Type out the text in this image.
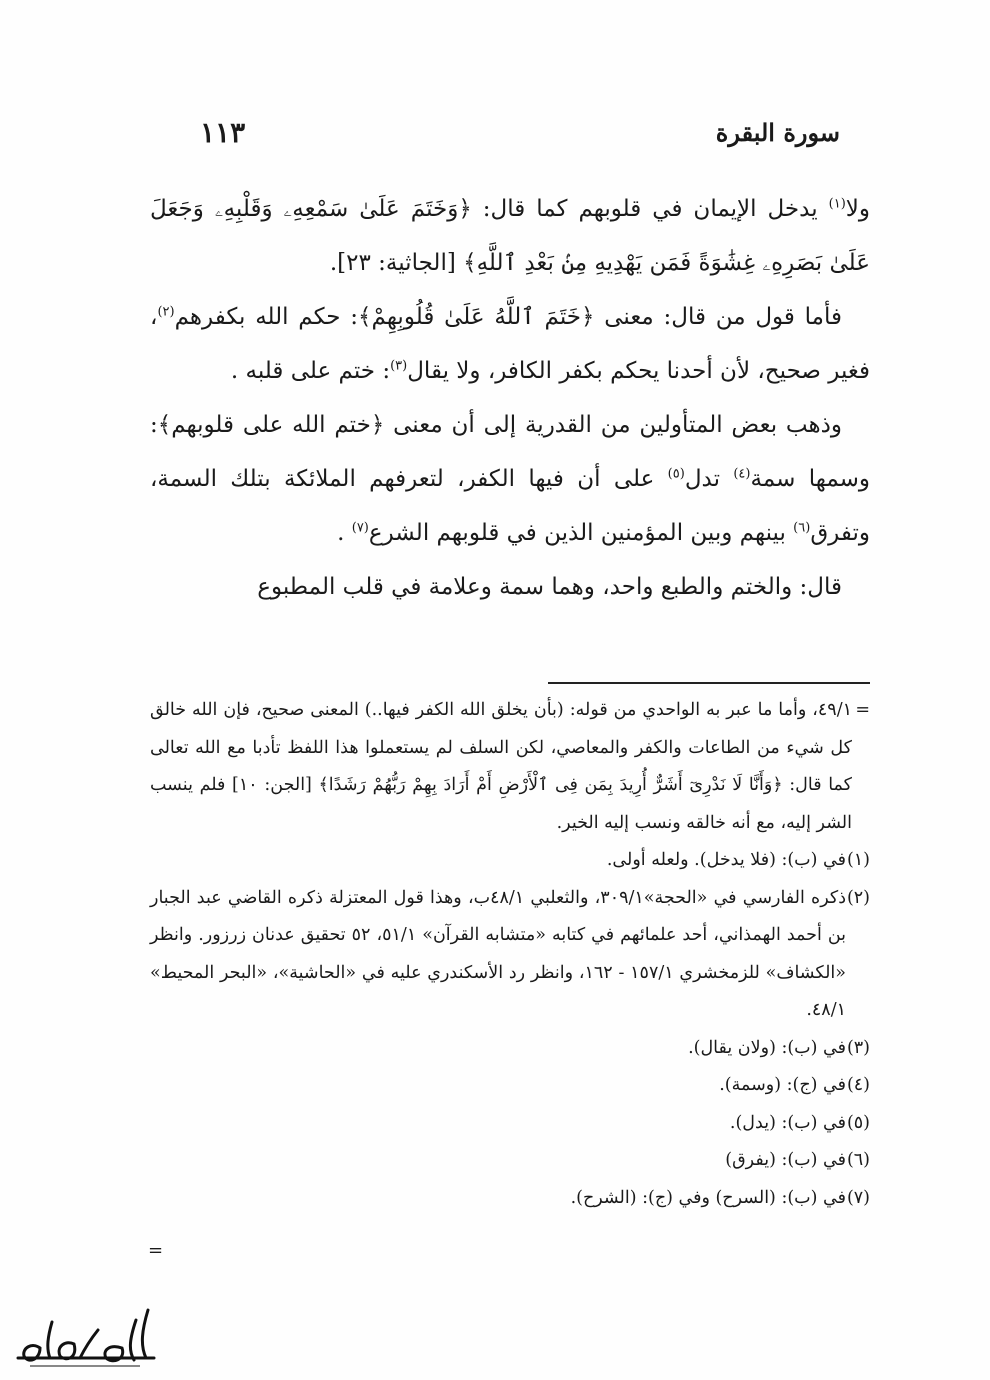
سورة البقرة
١١٣

ولا$^{(١)}$ يدخل الإيمان في قلوبهم كما قال: ﴿وَخَتَمَ عَلَىٰ سَمْعِهِۦ وَقَلْبِهِۦ وَجَعَلَ عَلَىٰ بَصَرِهِۦ غِشَٰوَةً فَمَن يَهْدِيهِ مِنۢ بَعْدِ ٱللَّهِ﴾ [الجاثية: ٢٣].

فأما قول من قال: معنى ﴿خَتَمَ ٱللَّهُ عَلَىٰ قُلُوبِهِمْ﴾: حكم الله بكفرهم$^{(٢)}$، فغير صحيح، لأن أحدنا يحكم بكفر الكافر، ولا يقال$^{(٣)}$: ختم على قلبه .

وذهب بعض المتأولين من القدرية إلى أن معنى ﴿ختم الله على قلوبهم﴾: وسمها سمة$^{(٤)}$ تدل$^{(٥)}$ على أن فيها الكفر، لتعرفهم الملائكة بتلك السمة، وتفرق$^{(٦)}$ بينهم وبين المؤمنين الذين في قلوبهم الشرع$^{(٧)}$ .

قال: والختم والطبع واحد، وهما سمة وعلامة في قلب المطبوع

=
٤٩/١، وأما ما عبر به الواحدي من قوله: (بأن يخلق الله الكفر فيها..) المعنى صحيح، فإن الله خالق كل شيء من الطاعات والكفر والمعاصي، لكن السلف لم يستعملوا هذا اللفظ تأدبا مع الله تعالى كما قال: ﴿وَأَنَّا لَا نَدْرِىٓ أَشَرٌّ أُرِيدَ بِمَن فِى ٱلْأَرْضِ أَمْ أَرَادَ بِهِمْ رَبُّهُمْ رَشَدًا﴾ [الجن: ١٠] فلم ينسب الشر إليه، مع أنه خالقه ونسب إليه الخير.
(١)
في (ب): (فلا يدخل). ولعله أولى.
(٢)
ذكره الفارسي في «الحجة»٣٠٩/١، والثعلبي ٤٨/١ب، وهذا قول المعتزلة ذكره القاضي عبد الجبار بن أحمد الهمذاني، أحد علمائهم في كتابه «متشابه القرآن» ٥١/١، ٥٢ تحقيق عدنان زرزور. وانظر «الكشاف» للزمخشري ١٥٧/١ - ١٦٢، وانظر رد الأسكندري عليه في «الحاشية»، «البحر المحيط» ٤٨/١.
(٣)
في (ب): (ولان يقال).
(٤)
في (ج): (وسمة).
(٥)
في (ب): (يدل).
(٦)
في (ب): (يفرق)
(٧)
في (ب): (السرح) وفي (ج): (الشرح).
=
